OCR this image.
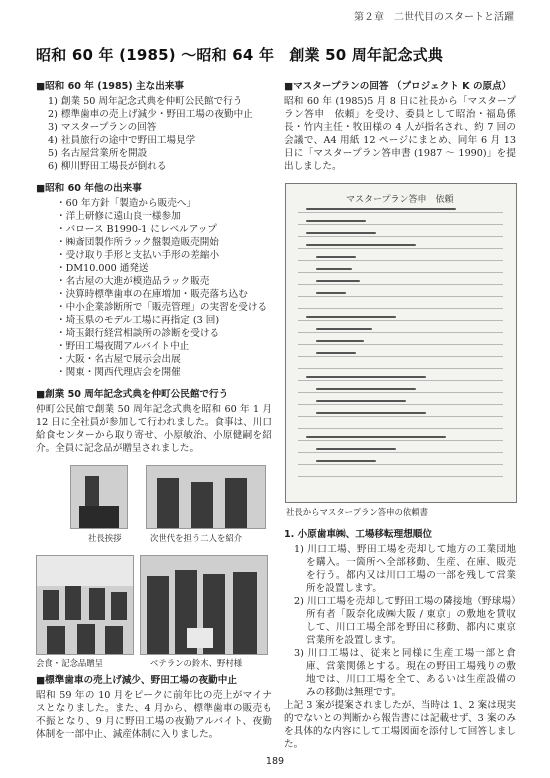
第２章　二世代目のスタートと活躍
昭和 60 年 (1985) 〜昭和 64 年　創業 50 周年記念式典
■昭和 60 年 (1985) 主な出来事
1) 創業 50 周年記念式典を仲町公民館で行う
2) 標準歯車の売上げ減少・野田工場の夜勤中止
3) マスタープランの回答
4) 社員旅行の途中で野田工場見学
5) 名古屋営業所を開設
6) 柳川野田工場長が倒れる
■昭和 60 年他の出来事
・60 年方針「製造から販売へ」
・洋上研修に遠山良一様参加
・バロース B1990-1 にレベルアップ
・㈱斎団製作所ラック盤製造販売開始
・受け取り手形と支払い手形の差縮小
・DM10.000 通発送
・名古屋の大進が模造品ラック販売
・決算時標準歯車の在庫増加・販売落ち込む
・中小企業診断所で「販売管理」の実習を受ける
・埼玉県のモデル工場に再指定 (3 回)
・埼玉銀行経営相談所の診断を受ける
・野田工場夜間アルバイト中止
・大阪・名古屋で展示会出展
・関東・関西代理店会を開催
■創業 50 周年記念式典を仲町公民館で行う

仲町公民館で創業 50 周年記念式典を昭和 60 年 1 月 12 日に全社員が参加して行われました。食事は、川口給食センターから取り寄せ、小原敏治、小原健嗣を紹介。全員に記念品が贈呈されました。

社長挨拶	次世代を担う二人を紹介
会食・記念品贈呈	ベテランの鈴木、野村様
■標準歯車の売上げ減少、野田工場の夜勤中止

昭和 59 年の 10 月をピークに前年比の売上がマイナスとなりました。また、4 月から、標準歯車の販売も不振となり、9 月に野田工場の夜勤アルバイト、夜勤体制を一部中止、減産体制に入りました。

■マスタープランの回答 （プロジェクト K の原点）

昭和 60 年 (1985)5 月 8 日に社長から「マスタープラン答申　依頼」を受け、委員として昭治・福島係長・竹内主任・牧田様の 4 人が指名され、約 7 回の会議で、A4 用紙 12 ページにまとめ、同年 6 月 13 日に「マスタープラン答申書 (1987 〜 1990)」を提出しました。

マスタープラン答申　依頼
社長からマスタープラン答申の依頼書
1. 小原歯車㈱、工場移転理想順位
1) 川口工場、野田工場を売却して地方の工業団地を購入。一箇所へ全部移動、生産、在庫、販売を行う。都内又は川口工場の一部を残して営業所を設置します。
2) 川口工場を売却して野田工場の隣接地（野球場）所有者「阪奈化成㈱大阪 / 東京」の敷地を賃収して、川口工場全部を野田に移動、都内に東京営業所を設置します。
3) 川口工場は、従来と同様に生産工場一部と倉庫、営業関係とする。現在の野田工場残りの敷地では、川口工場を全て、あるいは生産設備のみの移動は無理です。

上記 3 案が提案されましたが、当時は 1、2 案は現実的でないとの判断から報告書には記載せず、3 案のみを具体的な内容にして工場図面を添付して回答しました。

189
